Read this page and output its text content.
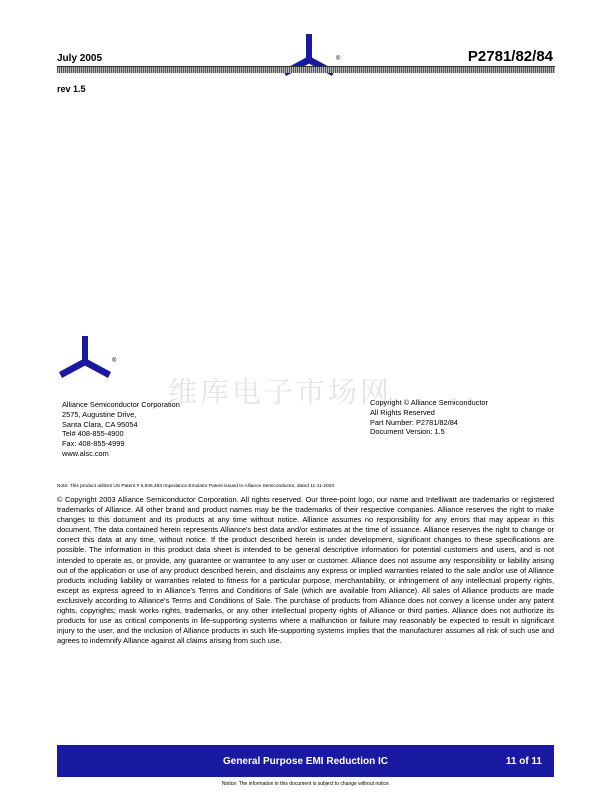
July 2005	®	P2781/82/84
rev 1.5
®
维库电子市场网
Alliance Semiconductor Corporation
2575, Augustine Drive,
Santa Clara, CA 95054
Tel# 408-855-4900
Fax: 408-855-4999
www.alsc.com
Copyright © Alliance Semiconductor
All Rights Reserved
Part Number: P2781/82/84
Document Version: 1.5
Note: This product utilizes US Patent # 6,646,463 Impedance Emulator Patent issued to Alliance Semiconductor, dated 11-11-2003
© Copyright 2003 Alliance Semiconductor Corporation. All rights reserved. Our three-point logo, our name and Intelliwatt are trademarks or registered trademarks of Alliance. All other brand and product names may be the trademarks of their respective companies. Alliance reserves the right to make changes to this document and its products at any time without notice. Alliance assumes no responsibility for any errors that may appear in this document. The data contained herein represents Alliance's best data and/or estimates at the time of issuance. Alliance reserves the right to change or correct this data at any time, without notice. If the product described herein is under development, significant changes to these specifications are possible. The information in this product data sheet is intended to be general descriptive information for potential customers and users, and is not intended to operate as, or provide, any guarantee or warrantee to any user or customer. Alliance does not assume any responsibility or liability arising out of the application or use of any product described herein, and disclaims any express or implied warranties related to the sale and/or use of Alliance products including liability or warranties related to fitness for a particular purpose, merchantability, or infringement of any intellectual property rights, except as express agreed to in Alliance's Terms and Conditions of Sale (which are available from Alliance). All sales of Alliance products are made exclusively according to Alliance's Terms and Conditions of Sale. The purchase of products from Alliance does not convey a license under any patent rights, copyrights; mask works rights, trademarks, or any other intellectual property rights of Alliance or third parties. Alliance does not authorize its products for use as critical components in life-supporting systems where a malfunction or failure may reasonably be expected to result in significant injury to the user, and the inclusion of Alliance products in such life-supporting systems implies that the manufacturer assumes all risk of such use and agrees to indemnify Alliance against all claims arising from such use.
General Purpose EMI Reduction IC	11 of 11
Notice: The information in this document is subject to change without notice.
